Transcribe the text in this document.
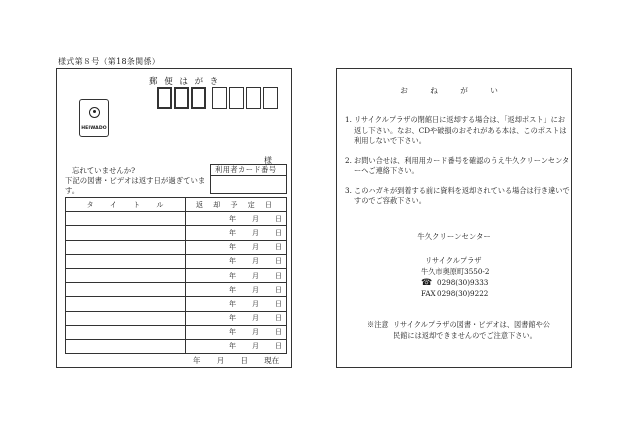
様式第８号（第18条関係）
郵 便 は が き
HEIWADO
様
忘れていませんか?
下記の図書・ビデオは返す日が過ぎています。
利用者カード番号
タ イ ト ル	返 却 予 定 日
	年 月 日
	年 月 日
	年 月 日
	年 月 日
	年 月 日
	年 月 日
	年 月 日
	年 月 日
	年 月 日
	年 月 日
年 月 日 現在
お ね が い
1. リサイクルプラザの閉館日に返却する場合は、「返却ポスト」にお返し下さい。なお、CDや破損のおそれがある本は、このポストは利用しないで下さい。
2. お問い合せは、利用用カード番号を確認のうえ牛久クリーンセンターへご連絡下さい。
3. このハガキが到着する前に資料を返却されている場合は行き違いですのでご容赦下さい。
牛久クリーンセンター
リサイクルプラザ
牛久市奥原町3550-2
☎ 0298(30)9333
FAX0298(30)9222
※注意 リサイクルプラザの図書・ビデオは、図書館や公民館には返却できませんのでご注意下さい。
